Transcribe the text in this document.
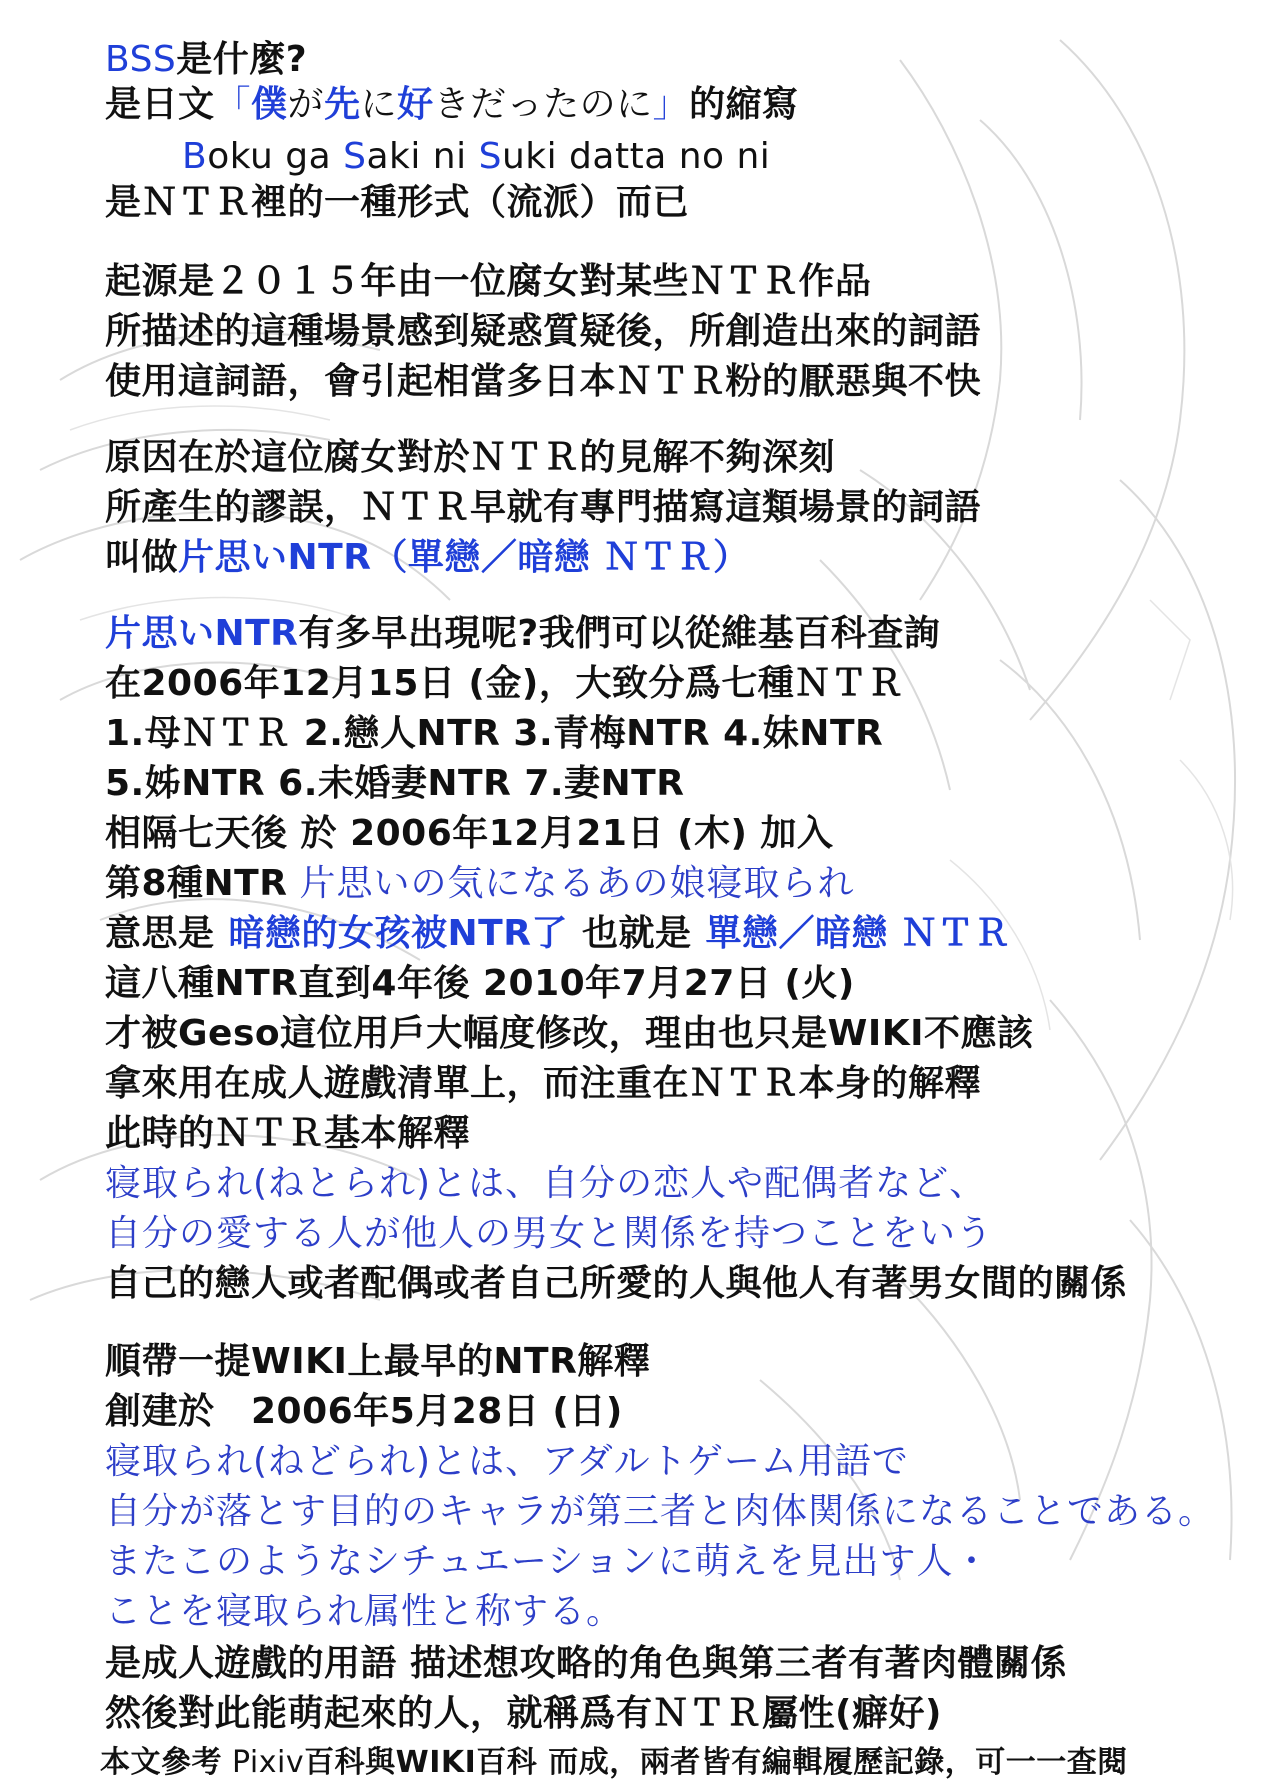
BSS是什麼?
是日文「僕が先に好きだったのに」的縮寫
Boku ga Saki ni Suki datta no ni
是ＮＴＲ裡的一種形式（流派）而已
起源是２０１５年由一位腐女對某些ＮＴＲ作品
所描述的這種場景感到疑惑質疑後，所創造出來的詞語
使用這詞語，會引起相當多日本ＮＴＲ粉的厭惡與不快
原因在於這位腐女對於ＮＴＲ的見解不夠深刻
所產生的謬誤，ＮＴＲ早就有專門描寫這類場景的詞語
叫做片思いNTR（單戀／暗戀 ＮＴＲ）
片思いNTR有多早出現呢?我們可以從維基百科查詢
在2006年12月15日 (金)，大致分爲七種ＮＴＲ
1.母ＮＴＲ 2.戀人NTR 3.青梅NTR 4.妹NTR
5.姊NTR 6.未婚妻NTR 7.妻NTR
相隔七天後 於 2006年12月21日 (木) 加入
第8種NTR 片思いの気になるあの娘寝取られ
意思是 暗戀的女孩被NTR了 也就是 單戀／暗戀 ＮＴＲ
這八種NTR直到4年後 2010年7月27日 (火)
才被Geso這位用戶大幅度修改，理由也只是WIKI不應該
拿來用在成人遊戲清單上，而注重在ＮＴＲ本身的解釋
此時的ＮＴＲ基本解釋
寝取られ(ねとられ)とは、自分の恋人や配偶者など、
自分の愛する人が他人の男女と関係を持つことをいう
自己的戀人或者配偶或者自己所愛的人與他人有著男女間的關係
順帶一提WIKI上最早的NTR解釋
創建於　2006年5月28日 (日)
寝取られ(ねどられ)とは、アダルトゲーム用語で
自分が落とす目的のキャラが第三者と肉体関係になることである。
またこのようなシチュエーションに萌えを見出す人・
ことを寝取られ属性と称する。
是成人遊戲的用語 描述想攻略的角色與第三者有著肉體關係
然後對此能萌起來的人，就稱爲有ＮＴＲ屬性(癖好)
本文參考 Pixiv百科與WIKI百科 而成，兩者皆有編輯履歷記錄，可一一查閱
